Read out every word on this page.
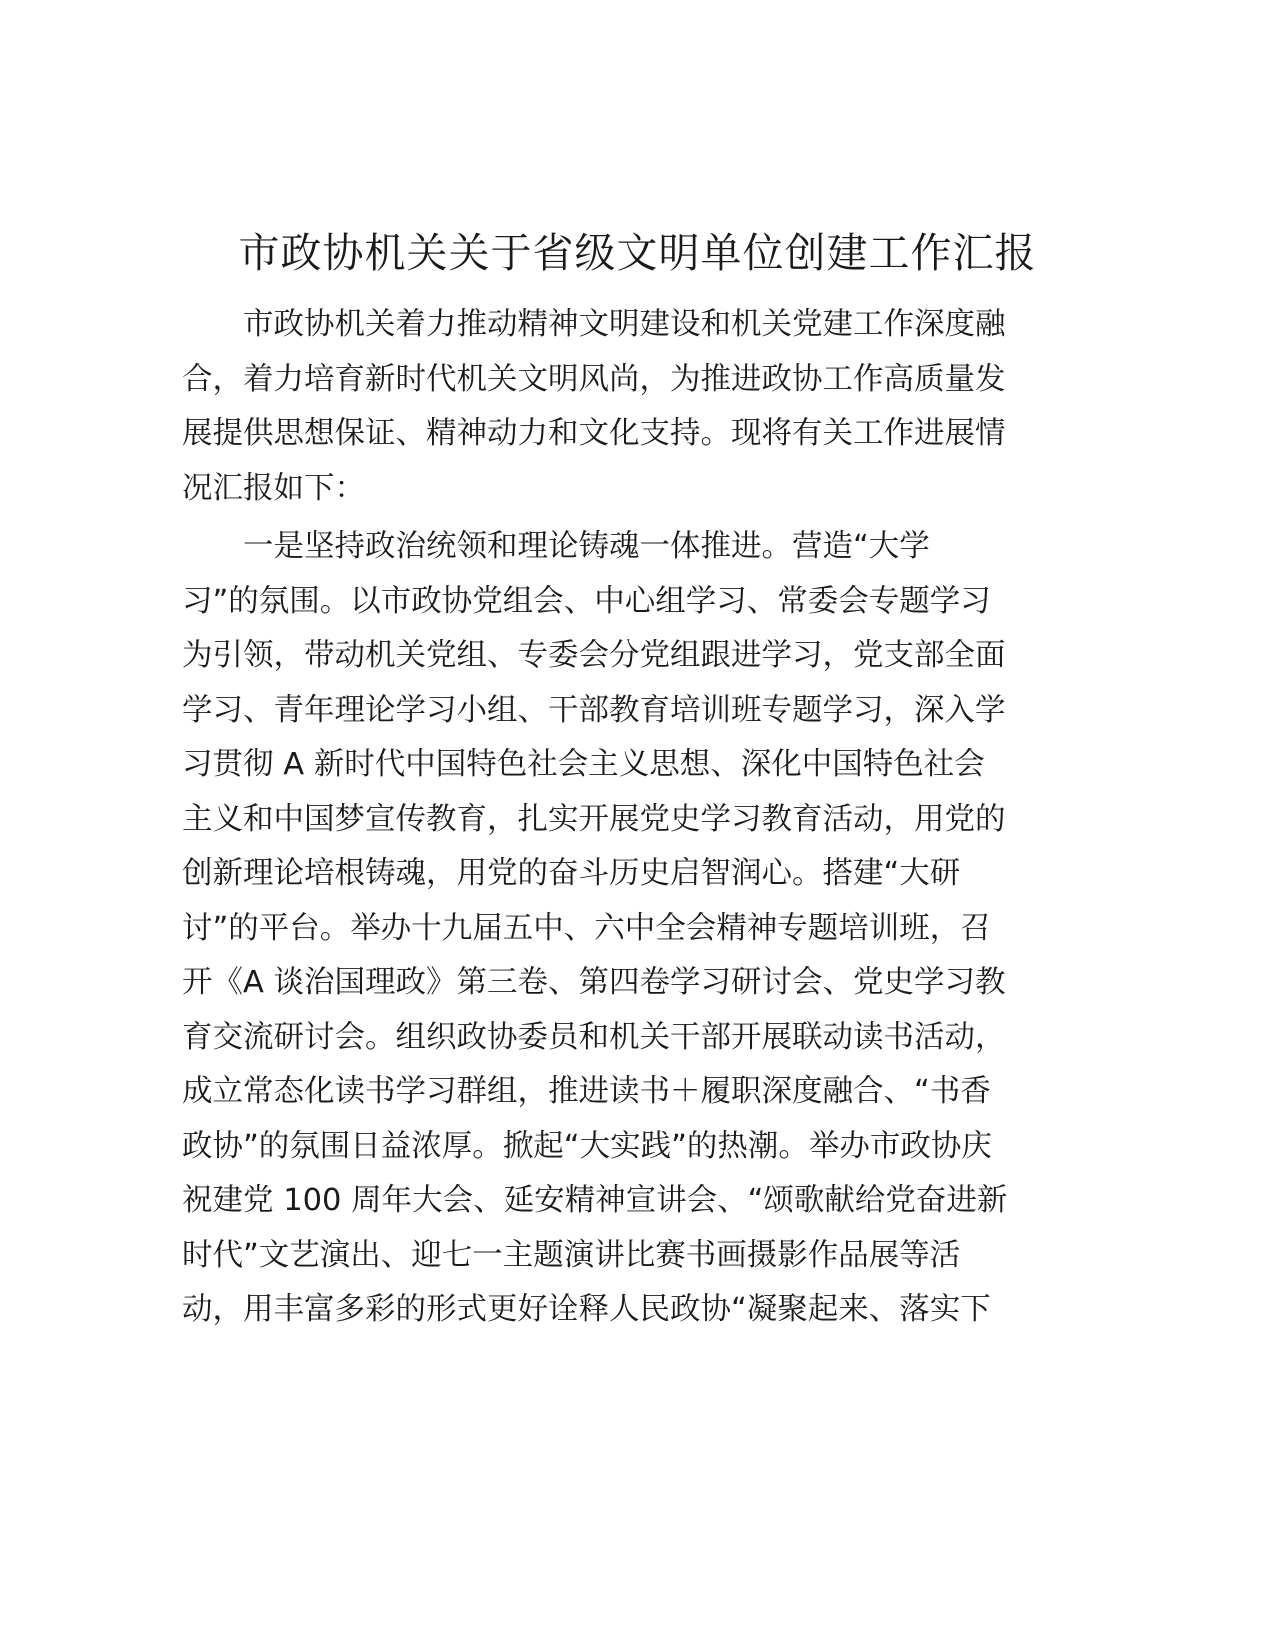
市政协机关关于省级文明单位创建工作汇报
市政协机关着力推动精神文明建设和机关党建工作深度融
合，着力培育新时代机关文明风尚，为推进政协工作高质量发
展提供思想保证、精神动力和文化支持。现将有关工作进展情
况汇报如下：
一是坚持政治统领和理论铸魂一体推进。营造“大学
习”的氛围。以市政协党组会、中心组学习、常委会专题学习
为引领，带动机关党组、专委会分党组跟进学习，党支部全面
学习、青年理论学习小组、干部教育培训班专题学习，深入学
习贯彻 A 新时代中国特色社会主义思想、深化中国特色社会
主义和中国梦宣传教育，扎实开展党史学习教育活动，用党的
创新理论培根铸魂，用党的奋斗历史启智润心。搭建“大研
讨”的平台。举办十九届五中、六中全会精神专题培训班，召
开《A 谈治国理政》第三卷、第四卷学习研讨会、党史学习教
育交流研讨会。组织政协委员和机关干部开展联动读书活动，
成立常态化读书学习群组，推进读书＋履职深度融合、“书香
政协”的氛围日益浓厚。掀起“大实践”的热潮。举办市政协庆
祝建党 100 周年大会、延安精神宣讲会、“颂歌献给党奋进新
时代”文艺演出、迎七一主题演讲比赛书画摄影作品展等活
动，用丰富多彩的形式更好诠释人民政协“凝聚起来、落实下
